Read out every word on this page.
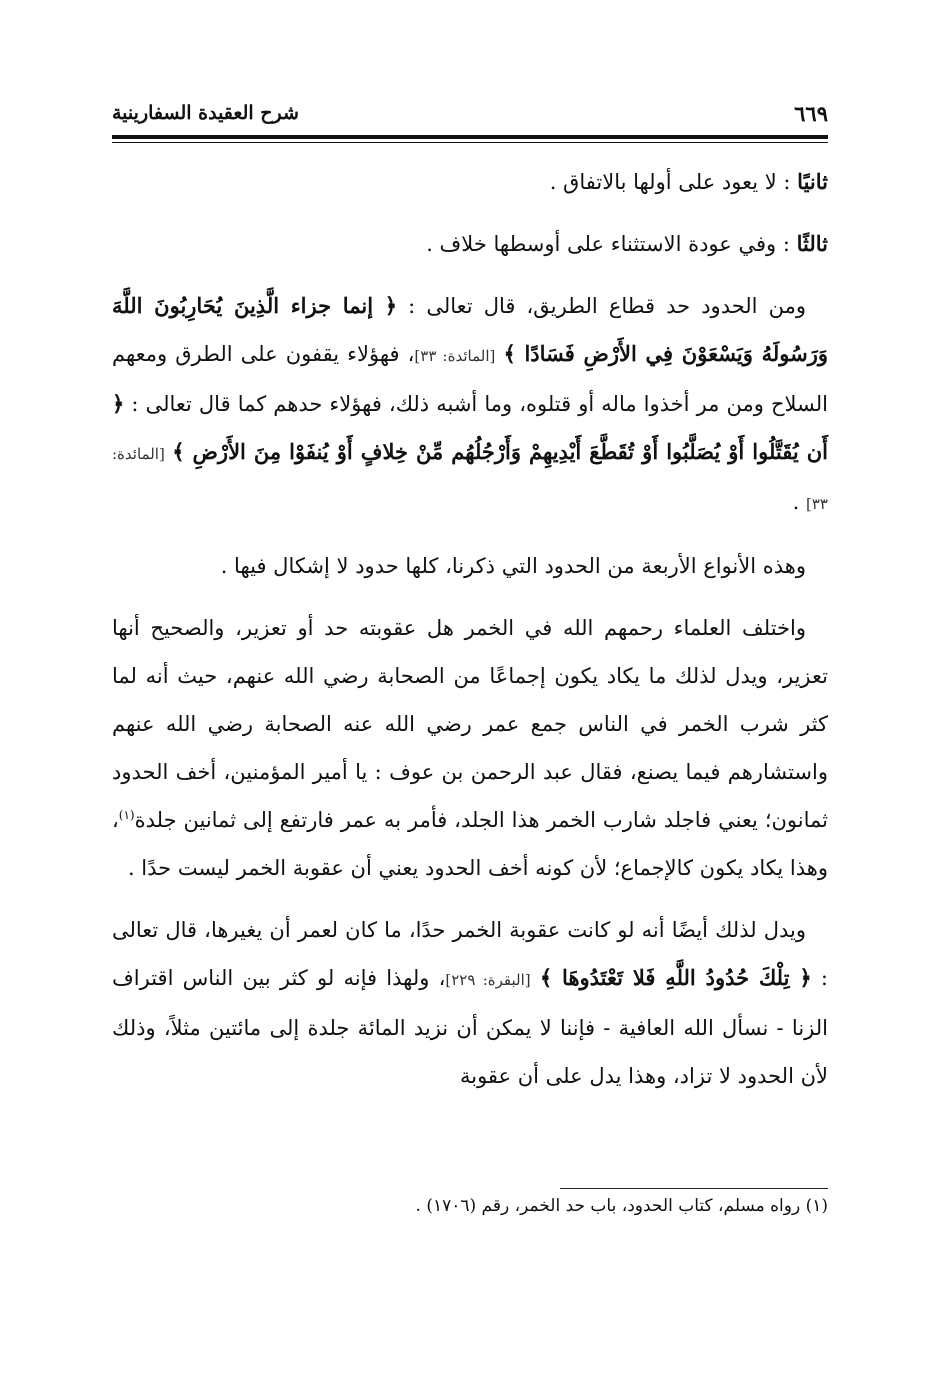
شرح العقيدة السفارينية	٦٦٩

ثانيًا : لا يعود على أولها بالاتفاق .

ثالثًا : وفي عودة الاستثناء على أوسطها خلاف .

ومن الحدود حد قطاع الطريق، قال تعالى : ﴿ إنما جزاء الَّذِينَ يُحَارِبُونَ اللَّهَ وَرَسُولَهُ وَيَسْعَوْنَ فِي الأَرْضِ فَسَادًا ﴾ [المائدة: ٣٣]، فهؤلاء يقفون على الطرق ومعهم السلاح ومن مر أخذوا ماله أو قتلوه، وما أشبه ذلك، فهؤلاء حدهم كما قال تعالى : ﴿ أَن يُقَتَّلُوا أَوْ يُصَلَّبُوا أَوْ تُقَطَّعَ أَيْدِيهِمْ وَأَرْجُلُهُم مِّنْ خِلافٍ أَوْ يُنفَوْا مِنَ الأَرْضِ ﴾ [المائدة: ٣٣] .

وهذه الأنواع الأربعة من الحدود التي ذكرنا، كلها حدود لا إشكال فيها .

واختلف العلماء رحمهم الله في الخمر هل عقوبته حد أو تعزير، والصحيح أنها تعزير، ويدل لذلك ما يكاد يكون إجماعًا من الصحابة رضي الله عنهم، حيث أنه لما كثر شرب الخمر في الناس جمع عمر رضي الله عنه الصحابة رضي الله عنهم واستشارهم فيما يصنع، فقال عبد الرحمن بن عوف : يا أمير المؤمنين، أخف الحدود ثمانون؛ يعني فاجلد شارب الخمر هذا الجلد، فأمر به عمر فارتفع إلى ثمانين جلدة$^{(١)}$، وهذا يكاد يكون كالإجماع؛ لأن كونه أخف الحدود يعني أن عقوبة الخمر ليست حدًا .

ويدل لذلك أيضًا أنه لو كانت عقوبة الخمر حدًا، ما كان لعمر أن يغيرها، قال تعالى : ﴿ تِلْكَ حُدُودُ اللَّهِ فَلا تَعْتَدُوهَا ﴾ [البقرة: ٢٢٩]، ولهذا فإنه لو كثر بين الناس اقتراف الزنا - نسأل الله العافية - فإننا لا يمكن أن نزيد المائة جلدة إلى مائتين مثلاً، وذلك لأن الحدود لا تزاد، وهذا يدل على أن عقوبة

(١) رواه مسلم، كتاب الحدود، باب حد الخمر، رقم (١٧٠٦) .
